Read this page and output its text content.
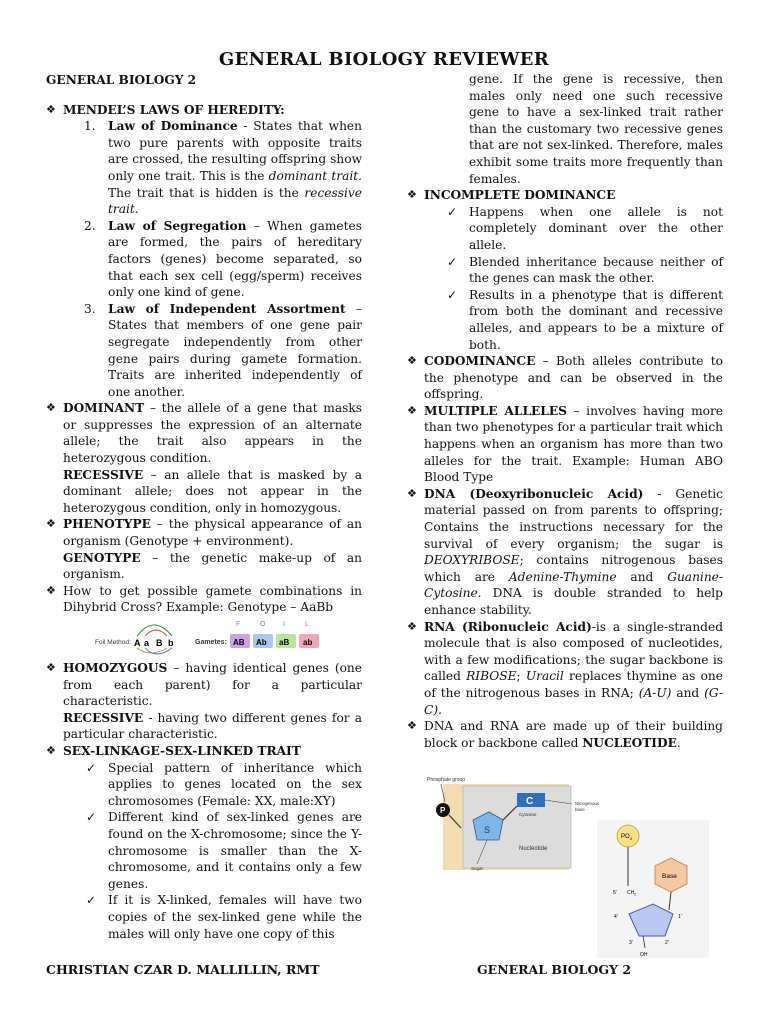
GENERAL BIOLOGY REVIEWER

GENERAL BIOLOGY 2

❖ MENDEL’S LAWS OF HEREDITY:

1. Law of Dominance - States that when two pure parents with opposite traits are crossed, the resulting offspring show only one trait. This is the dominant trait. The trait that is hidden is the recessive trait.

2. Law of Segregation – When gametes are formed, the pairs of hereditary factors (genes) become separated, so that each sex cell (egg/sperm) receives only one kind of gene.

3. Law of Independent Assortment – States that members of one gene pair segregate independently from other gene pairs during gamete formation. Traits are inherited independently of one another.

❖ DOMINANT – the allele of a gene that masks or suppresses the expression of an alternate allele; the trait also appears in the heterozygous condition.

RECESSIVE – an allele that is masked by a dominant allele; does not appear in the heterozygous condition, only in homozygous.

❖ PHENOTYPE – the physical appearance of an organism (Genotype + environment).

GENOTYPE – the genetic make-up of an organism.

❖ How to get possible gamete combinations in Dihybrid Cross? Example: Genotype – AaBb

Foil Method: A a B b	Gametes:
F	O	I	L
AB Ab aB ab

❖ HOMOZYGOUS – having identical genes (one from each parent) for a particular characteristic.

RECESSIVE - having two different genes for a particular characteristic.

❖ SEX-LINKAGE-SEX-LINKED TRAIT

✓ Special pattern of inheritance which applies to genes located on the sex chromosomes (Female: XX, male:XY)

✓ Different kind of sex-linked genes are found on the X-chromosome; since the Y-chromosome is smaller than the X-chromosome, and it contains only a few genes.

✓ If it is X-linked, females will have two copies of the sex-linked gene while the males will only have one copy of this

gene. If the gene is recessive, then males only need one such recessive gene to have a sex-linked trait rather than the customary two recessive genes that are not sex-linked. Therefore, males exhibit some traits more frequently than females.

❖ INCOMPLETE DOMINANCE

✓ Happens when one allele is not completely dominant over the other allele.

✓ Blended inheritance because neither of the genes can mask the other.

✓ Results in a phenotype that is different from both the dominant and recessive alleles, and appears to be a mixture of both.

❖ CODOMINANCE – Both alleles contribute to the phenotype and can be observed in the offspring.

❖ MULTIPLE ALLELES – involves having more than two phenotypes for a particular trait which happens when an organism has more than two alleles for the trait. Example: Human ABO Blood Type

❖ DNA (Deoxyribonucleic Acid) - Genetic material passed on from parents to offspring; Contains the instructions necessary for the survival of every organism; the sugar is DEOXYRIBOSE; contains nitrogenous bases which are Adenine-Thymine and Guanine-Cytosine. DNA is double stranded to help enhance stability.

❖ RNA (Ribonucleic Acid)-is a single-stranded molecule that is also composed of nucleotides, with a few modifications; the sugar backbone is called RIBOSE; Uracil replaces thymine as one of the nitrogenous bases in RNA; (A-U) and (G-C).

❖ DNA and RNA are made up of their building block or backbone called NUCLEOTIDE.

Phosphate group
P
S
C
Cytosine
Nitrogenous
base
Nucleotide
Sugar
$PO_4$
Base
5' $CH_2$
4'	1'
3'	2'
OH
CHRISTIAN CZAR D. MALLILLIN, RMT	GENERAL BIOLOGY 2
